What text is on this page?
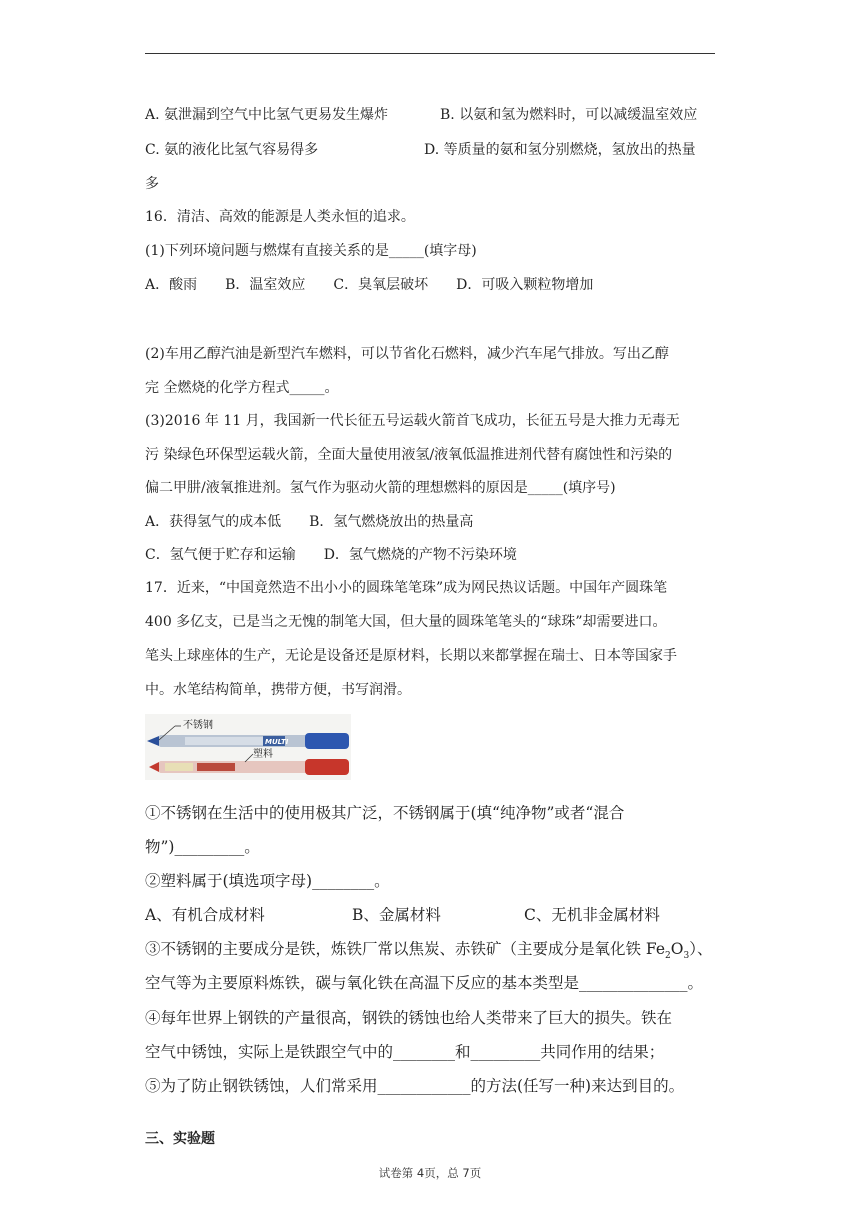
A. 氨泄漏到空气中比氢气更易发生爆炸	B. 以氨和氢为燃料时，可以减缓温室效应
C. 氨的液化比氢气容易得多	D. 等质量的氨和氢分别燃烧，氢放出的热量
多
16．清洁、高效的能源是人类永恒的追求。
(1)下列环境问题与燃煤有直接关系的是_____(填字母)
A．酸雨　　B．温室效应　　C．臭氧层破坏　　D．可吸入颗粒物增加
(2)车用乙醇汽油是新型汽车燃料，可以节省化石燃料，减少汽车尾气排放。写出乙醇
完 全燃烧的化学方程式_____。
(3)2016 年 11 月，我国新一代长征五号运载火箭首飞成功，长征五号是大推力无毒无
污 染绿色环保型运载火箭，全面大量使用液氢/液氧低温推进剂代替有腐蚀性和污染的
偏二甲肼/液氧推进剂。氢气作为驱动火箭的理想燃料的原因是_____(填序号)
A．获得氢气的成本低　　B．氢气燃烧放出的热量高
C．氢气便于贮存和运输　　D．氢气燃烧的产物不污染环境
17．近来，“中国竟然造不出小小的圆珠笔笔珠”成为网民热议话题。中国年产圆珠笔
400 多亿支，已是当之无愧的制笔大国，但大量的圆珠笔笔头的“球珠”却需要进口。
笔头上球座体的生产，无论是设备还是原材料，长期以来都掌握在瑞士、日本等国家手
中。水笔结构简单，携带方便，书写润滑。
MULTI
不锈钢
塑料
①不锈钢在生活中的使用极其广泛，不锈钢属于(填“纯净物”或者“混合
物”)_________。
②塑料属于(填选项字母)________。
A、有机合成材料	B、金属材料	C、无机非金属材料
③不锈钢的主要成分是铁，炼铁厂常以焦炭、赤铁矿（主要成分是氧化铁 $Fe_2O_3$）、
空气等为主要原料炼铁，碳与氧化铁在高温下反应的基本类型是______________。
④每年世界上钢铁的产量很高，钢铁的锈蚀也给人类带来了巨大的损失。铁在
空气中锈蚀，实际上是铁跟空气中的________和_________共同作用的结果；
⑤为了防止钢铁锈蚀，人们常采用____________的方法(任写一种)来达到目的。
三、实验题
试卷第 4页，总 7页
